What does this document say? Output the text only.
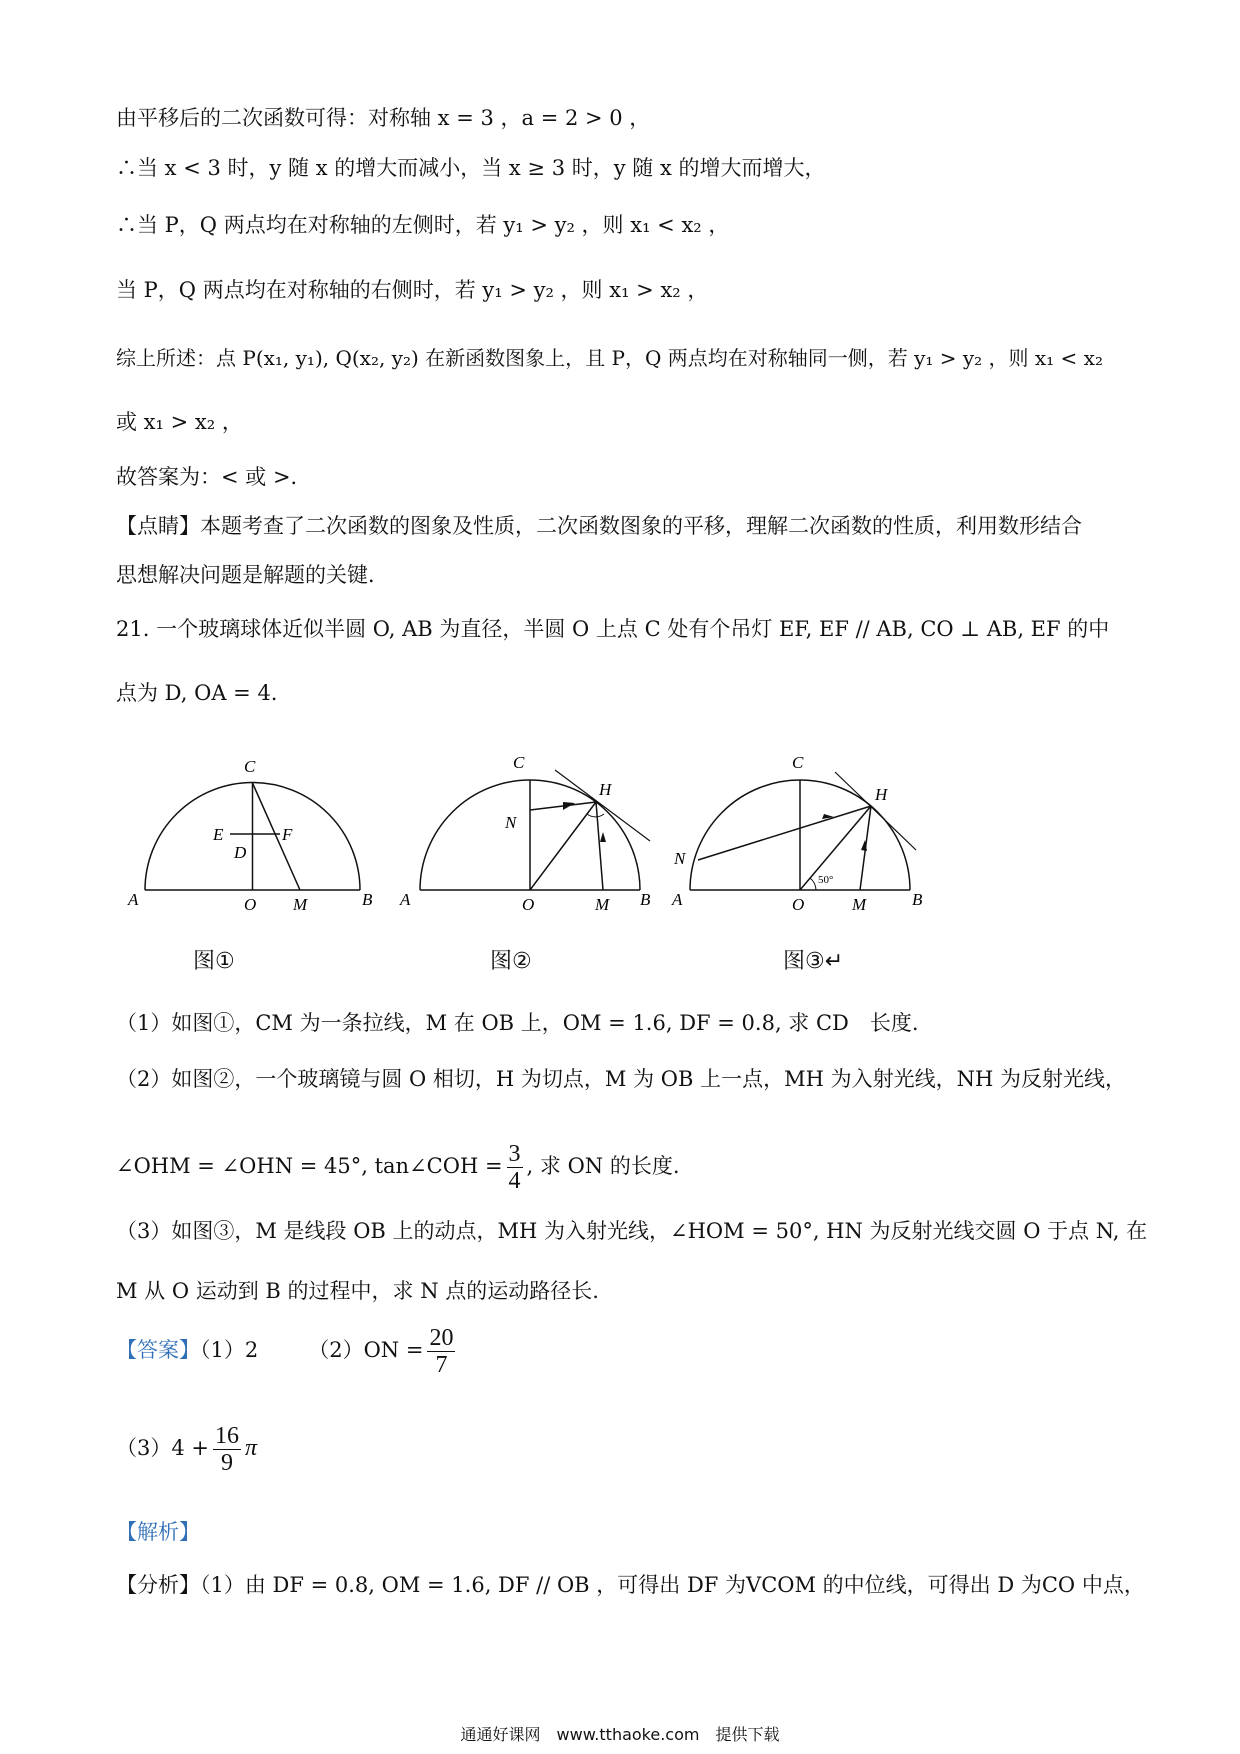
由平移后的二次函数可得：对称轴 x = 3 ，a = 2 > 0 ，
∴当 x < 3 时，y 随 x 的增大而减小，当 x ≥ 3 时，y 随 x 的增大而增大，
∴当 P，Q 两点均在对称轴的左侧时，若 y₁ > y₂ ，则 x₁ < x₂ ，
当 P，Q 两点均在对称轴的右侧时，若 y₁ > y₂ ，则 x₁ > x₂ ，
综上所述：点 P(x₁, y₁), Q(x₂, y₂) 在新函数图象上，且 P，Q 两点均在对称轴同一侧，若 y₁ > y₂ ，则 x₁ < x₂
或 x₁ > x₂ ，
故答案为：< 或 >．
【点睛】本题考查了二次函数的图象及性质，二次函数图象的平移，理解二次函数的性质，利用数形结合
思想解决问题是解题的关键．
21. 一个玻璃球体近似半圆 O, AB 为直径，半圆 O 上点 C 处有个吊灯 EF, EF // AB, CO ⊥ AB, EF 的中
点为 D, OA = 4.
C
E	F
D
A	O M	B
C
H
N
A	O	M B
C
H
N
50°
A	O	M	B
图①	图②	图③↵
（1）如图①，CM 为一条拉线，M 在 OB 上，OM = 1.6, DF = 0.8, 求 CD　长度.
（2）如图②，一个玻璃镜与圆 O 相切，H 为切点，M 为 OB 上一点，MH 为入射光线，NH 为反射光线，
∠OHM = ∠OHN = 45°, tan∠COH = $\frac{3}{4}$ , 求 ON 的长度.
（3）如图③，M 是线段 OB 上的动点，MH 为入射光线，∠HOM = 50°, HN 为反射光线交圆 O 于点 N, 在
M 从 O 运动到 B 的过程中，求 N 点的运动路径长.
【答案】（1）2 $(2)ON = \frac{20}{7}$
$(3)4 + \frac{16}{9}$ π
【解析】
【分析】（1）由 DF = 0.8, OM = 1.6, DF // OB ，可得出 DF 为VCOM 的中位线，可得出 D 为CO 中点，
通通好课网　www.tthaoke.com　提供下载
